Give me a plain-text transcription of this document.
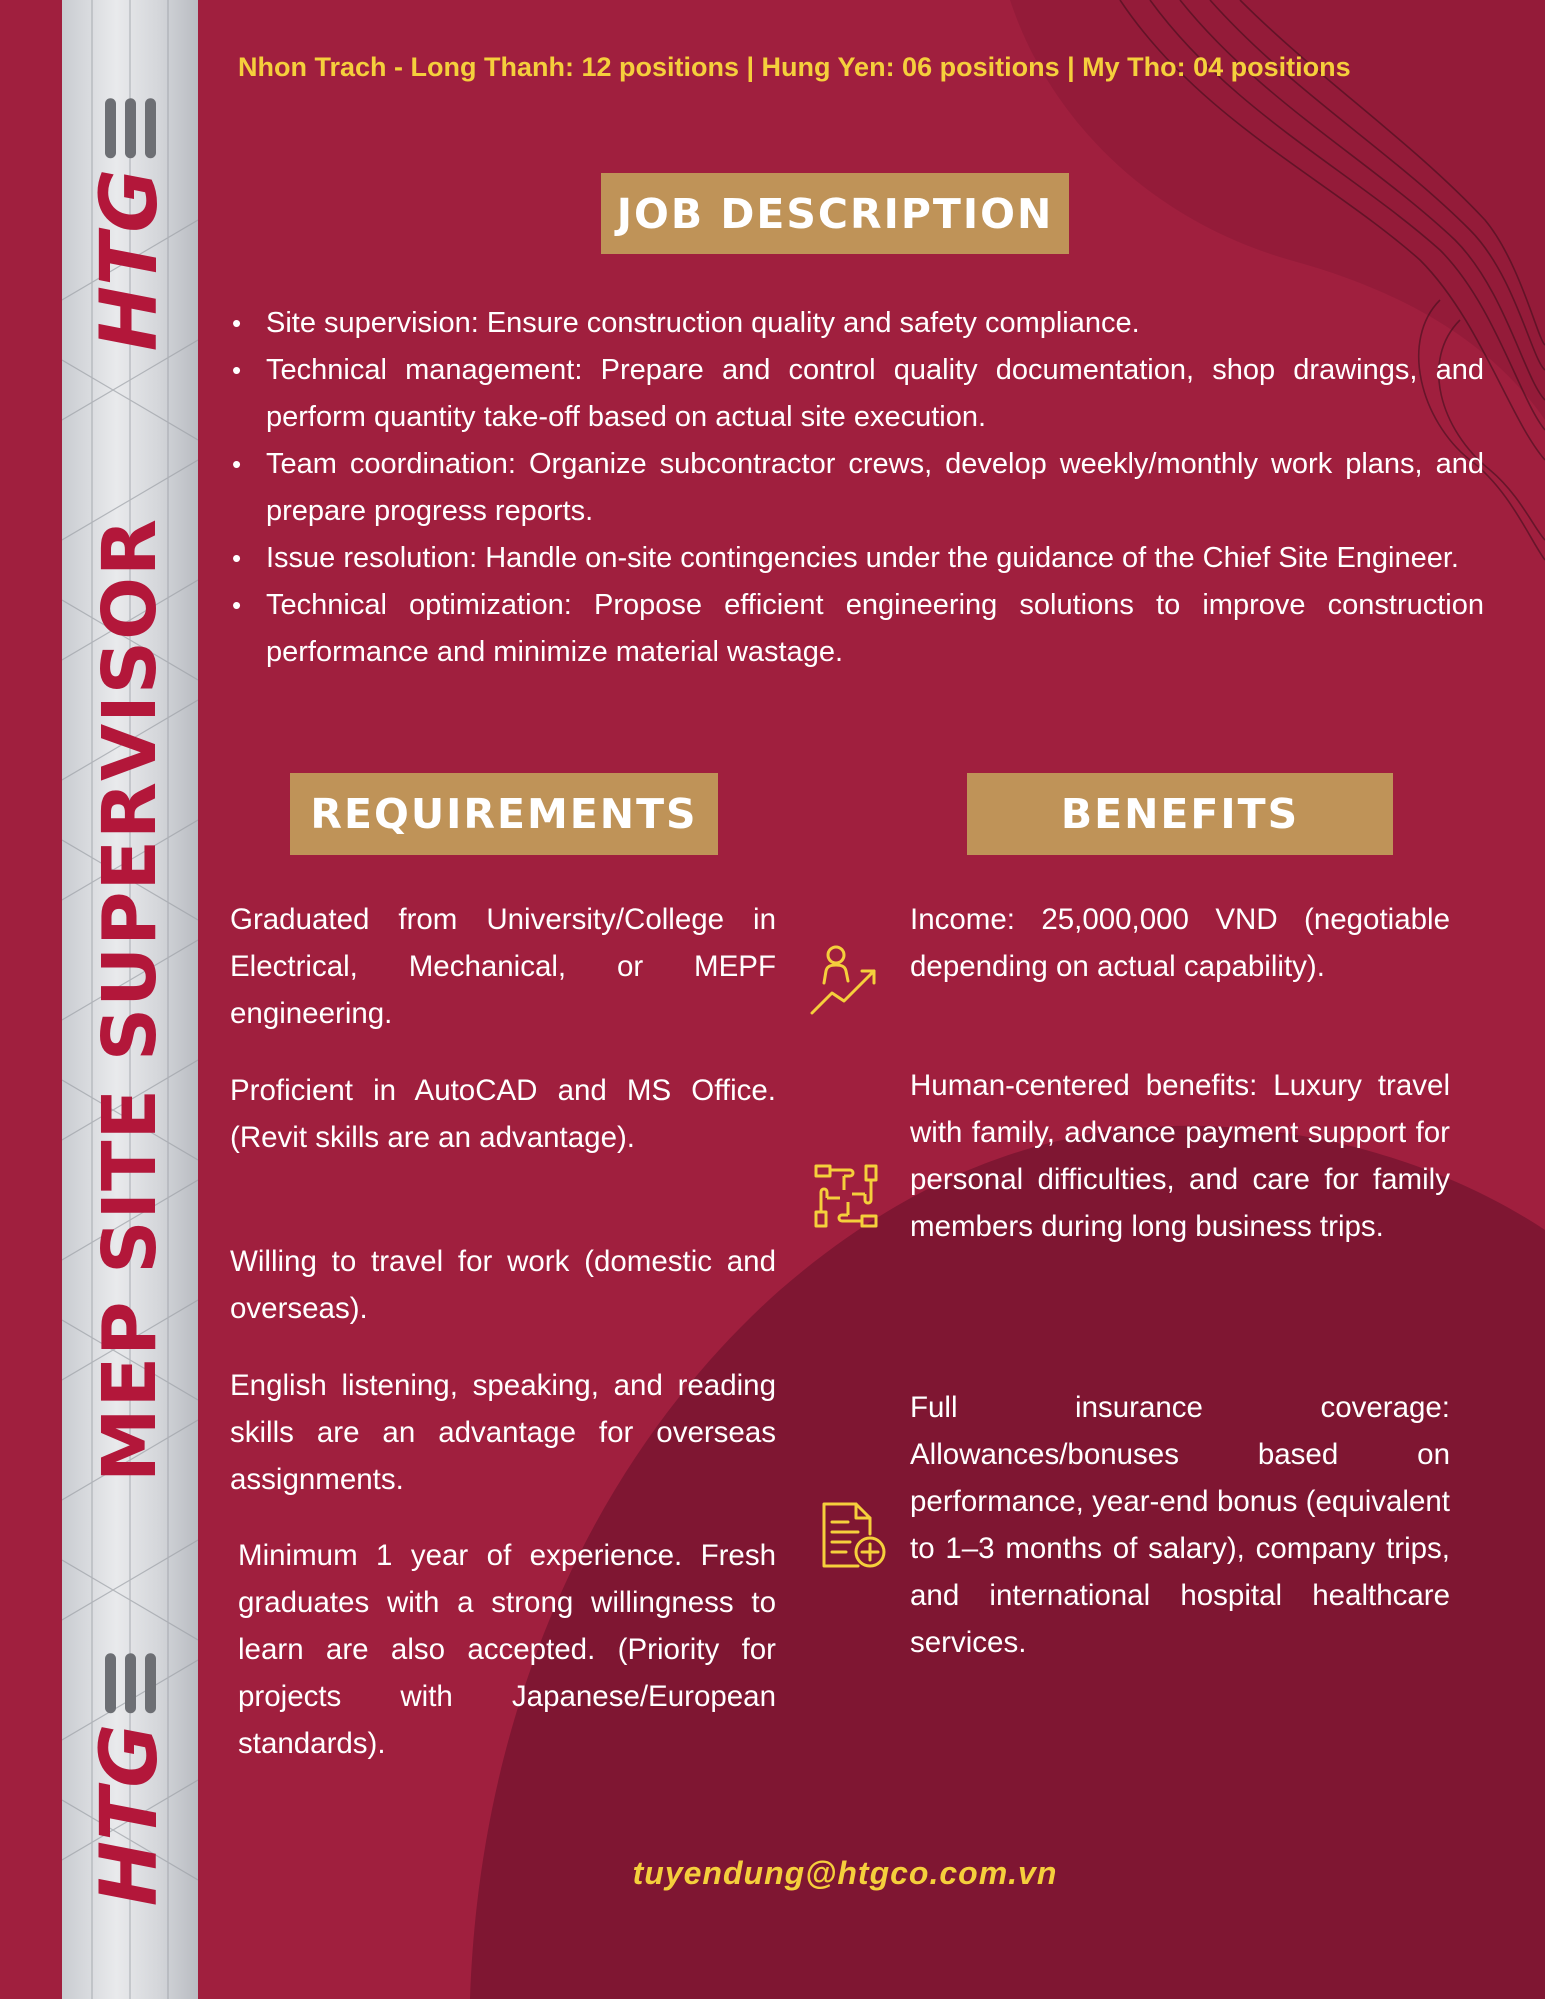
HTG
MEP SITE SUPERVISOR
HTG
Nhon Trach - Long Thanh: 12 positions | Hung Yen: 06 positions | My Tho: 04 positions
JOB DESCRIPTION
• Site supervision: Ensure construction quality and safety compliance.
• Technical management: Prepare and control quality documentation, shop drawings, and perform quantity take-off based on actual site execution.
• Team coordination: Organize subcontractor crews, develop weekly/monthly work plans, and prepare progress reports.
• Issue resolution: Handle on-site contingencies under the guidance of the Chief Site Engineer.
• Technical optimization: Propose efficient engineering solutions to improve construction performance and minimize material wastage.
REQUIREMENTS
Graduated from University/College in Electrical, Mechanical, or MEPF engineering.
Proficient in AutoCAD and MS Office. (Revit skills are an advantage).
Willing to travel for work (domestic and overseas).
English listening, speaking, and reading skills are an advantage for overseas assignments.
Minimum 1 year of experience. Fresh graduates with a strong willingness to learn are also accepted. (Priority for projects with Japanese/European standards).
BENEFITS
Income: 25,000,000 VND (negotiable depending on actual capability).
Human-centered benefits: Luxury travel with family, advance payment support for personal difficulties, and care for family members during long business trips.
Full insurance coverage: Allowances/bonuses based on performance, year-end bonus (equivalent to 1–3 months of salary), company trips, and international hospital healthcare services.
tuyendung@htgco.com.vn
